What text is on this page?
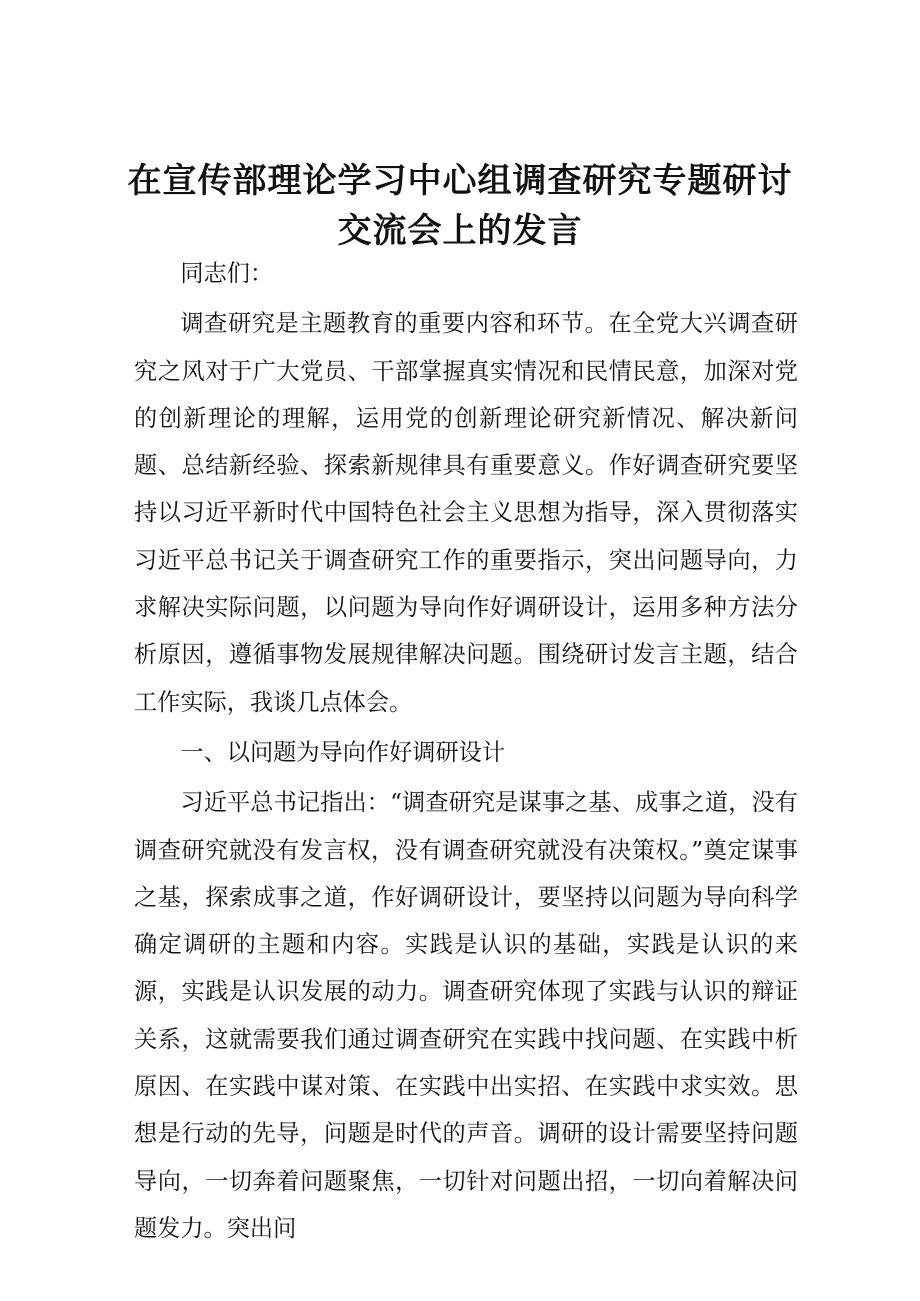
在宣传部理论学习中心组调查研究专题研讨交流会上的发言

同志们：

调查研究是主题教育的重要内容和环节。在全党大兴调查研究之风对于广大党员、干部掌握真实情况和民情民意，加深对党的创新理论的理解，运用党的创新理论研究新情况、解决新问题、总结新经验、探索新规律具有重要意义。作好调查研究要坚持以习近平新时代中国特色社会主义思想为指导，深入贯彻落实习近平总书记关于调查研究工作的重要指示，突出问题导向，力求解决实际问题，以问题为导向作好调研设计，运用多种方法分析原因，遵循事物发展规律解决问题。围绕研讨发言主题，结合工作实际，我谈几点体会。

一、以问题为导向作好调研设计

习近平总书记指出：“调查研究是谋事之基、成事之道，没有调查研究就没有发言权，没有调查研究就没有决策权。”奠定谋事之基，探索成事之道，作好调研设计，要坚持以问题为导向科学确定调研的主题和内容。实践是认识的基础，实践是认识的来源，实践是认识发展的动力。调查研究体现了实践与认识的辩证关系，这就需要我们通过调查研究在实践中找问题、在实践中析原因、在实践中谋对策、在实践中出实招、在实践中求实效。思想是行动的先导，问题是时代的声音。调研的设计需要坚持问题导向，一切奔着问题聚焦，一切针对问题出招，一切向着解决问题发力。突出问
